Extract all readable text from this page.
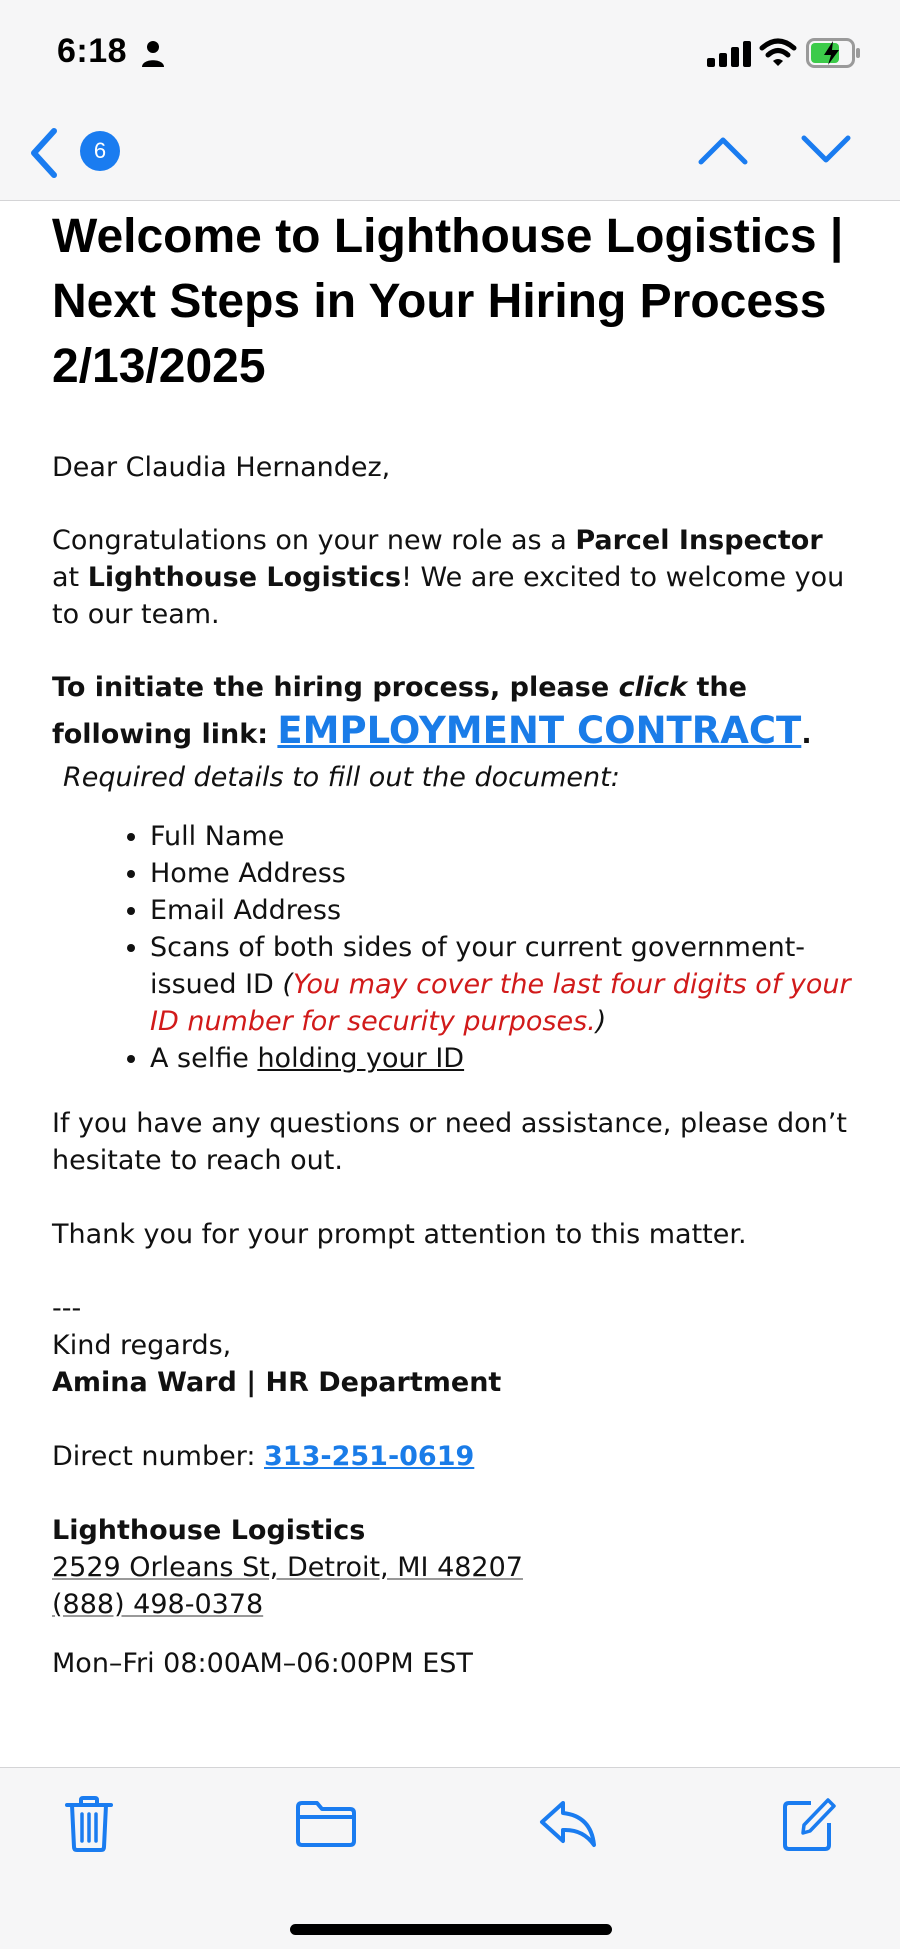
6:18
6
Welcome to Lighthouse Logistics | Next Steps in Your Hiring Process 2/13/2025

Dear Claudia Hernandez,

Congratulations on your new role as a Parcel Inspector at Lighthouse Logistics! We are excited to welcome you to our team.

To initiate the hiring process, please click the following link: EMPLOYMENT CONTRACT.

Required details to fill out the document:

• Full Name
• Home Address
• Email Address
• Scans of both sides of your current government-issued ID (You may cover the last four digits of your ID number for security purposes.)
• A selfie holding your ID

If you have any questions or need assistance, please don’t hesitate to reach out.

Thank you for your prompt attention to this matter.

---

Kind regards,

Amina Ward | HR Department

Direct number: 313-251-0619

Lighthouse Logistics

2529 Orleans St, Detroit, MI 48207

(888) 498-0378

Mon–Fri 08:00AM–06:00PM EST
